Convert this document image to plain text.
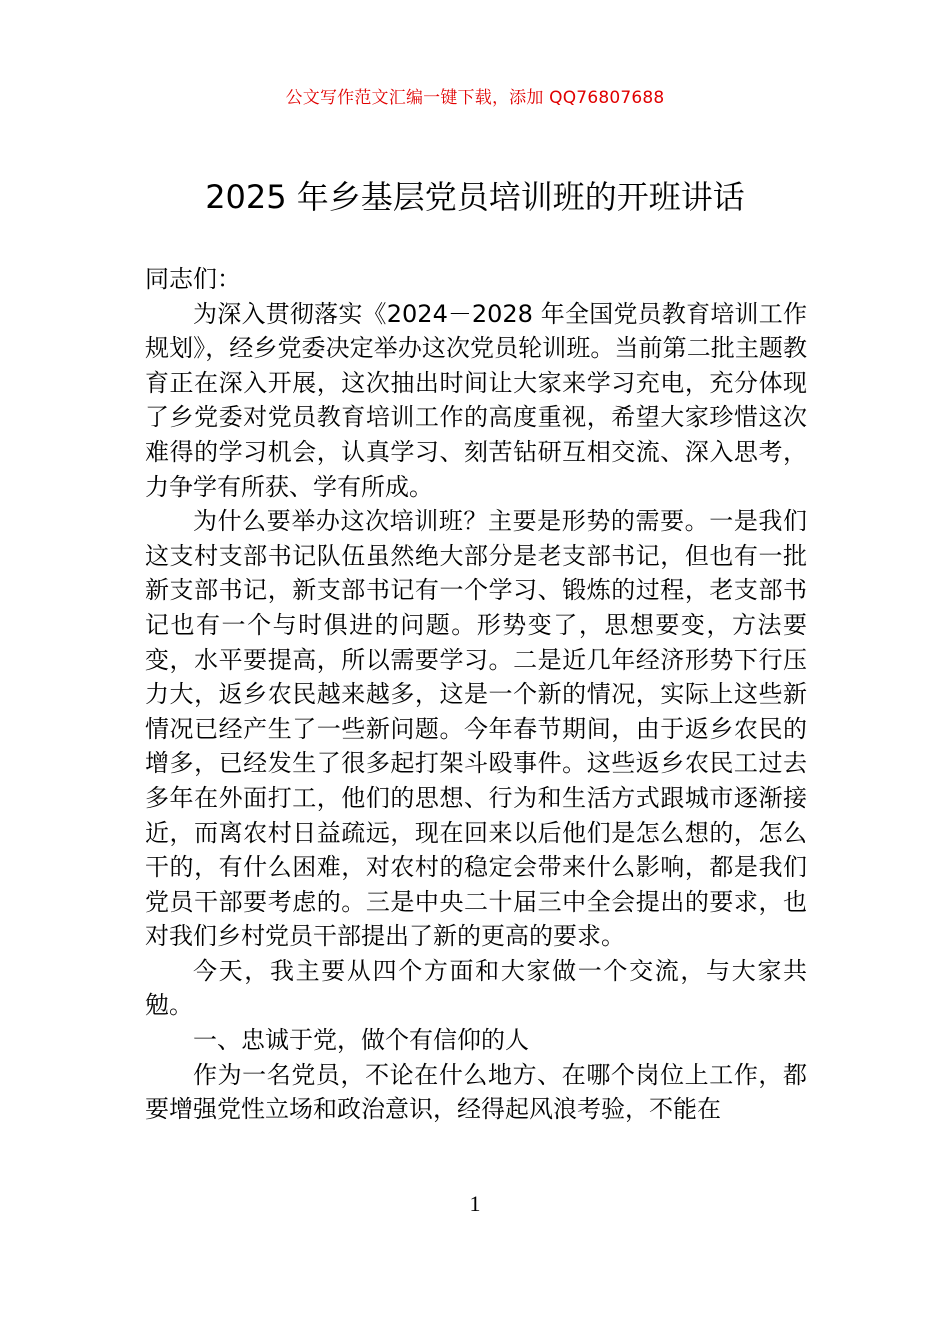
公文写作范文汇编一键下载，添加 QQ76807688
2025 年乡基层党员培训班的开班讲话

同志们：

为深入贯彻落实《2024－2028 年全国党员教育培训工作规划》，经乡党委决定举办这次党员轮训班。当前第二批主题教育正在深入开展，这次抽出时间让大家来学习充电，充分体现了乡党委对党员教育培训工作的高度重视，希望大家珍惜这次难得的学习机会，认真学习、刻苦钻研互相交流、深入思考，力争学有所获、学有所成。

为什么要举办这次培训班？主要是形势的需要。一是我们这支村支部书记队伍虽然绝大部分是老支部书记，但也有一批新支部书记，新支部书记有一个学习、锻炼的过程，老支部书记也有一个与时俱进的问题。形势变了，思想要变，方法要变，水平要提高，所以需要学习。二是近几年经济形势下行压力大，返乡农民越来越多，这是一个新的情况，实际上这些新情况已经产生了一些新问题。今年春节期间，由于返乡农民的增多，已经发生了很多起打架斗殴事件。这些返乡农民工过去多年在外面打工，他们的思想、行为和生活方式跟城市逐渐接近，而离农村日益疏远，现在回来以后他们是怎么想的，怎么干的，有什么困难，对农村的稳定会带来什么影响，都是我们党员干部要考虑的。三是中央二十届三中全会提出的要求，也对我们乡村党员干部提出了新的更高的要求。

今天，我主要从四个方面和大家做一个交流，与大家共勉。

一、忠诚于党，做个有信仰的人

作为一名党员，不论在什么地方、在哪个岗位上工作，都要增强党性立场和政治意识，经得起风浪考验，不能在

1
